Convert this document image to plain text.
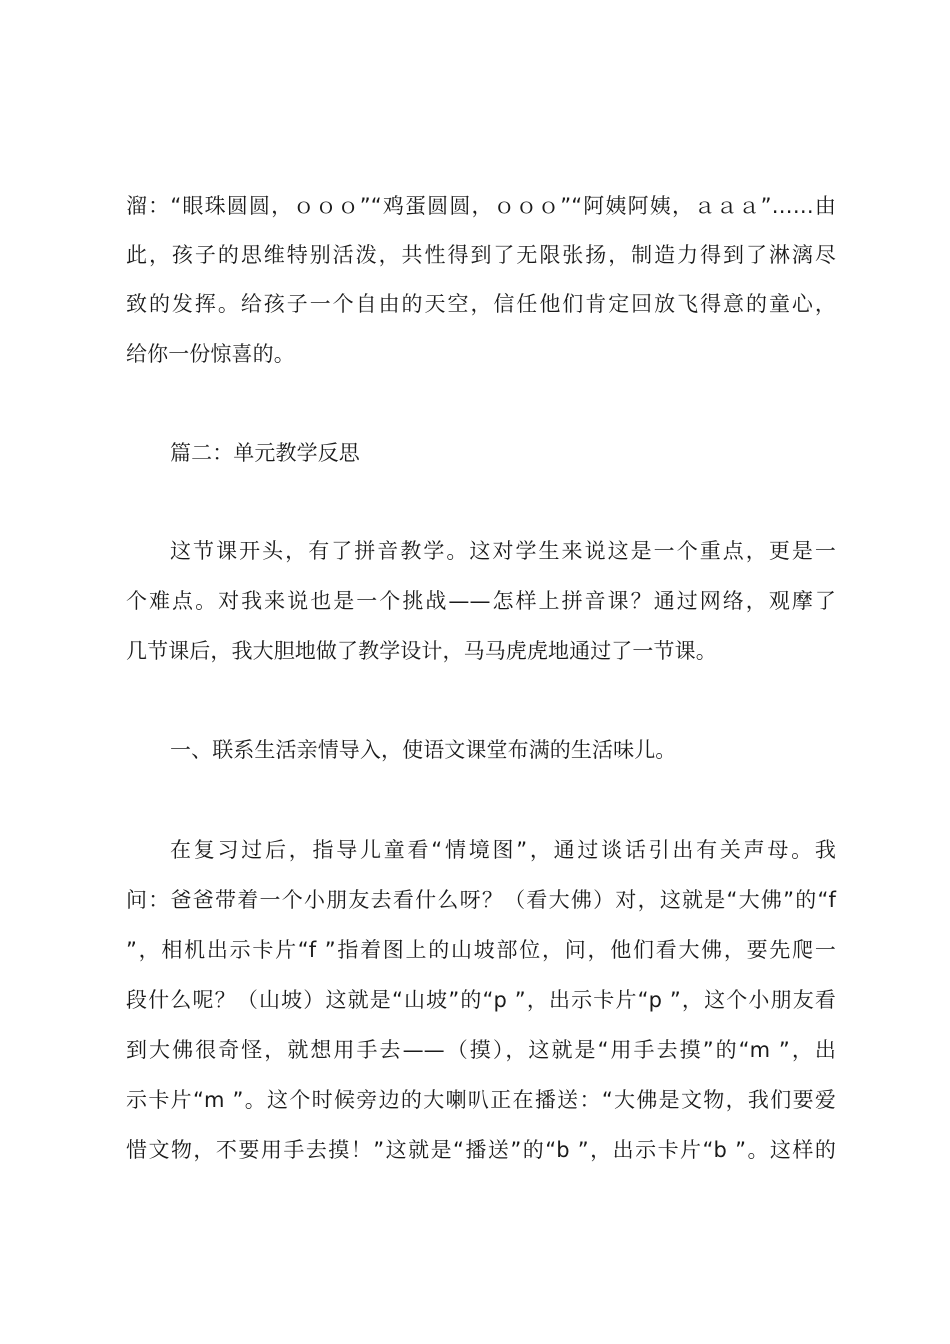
溜：“眼珠圆圆，ｏｏｏ”“鸡蛋圆圆，ｏｏｏ”“阿姨阿姨，ａａａ”……由
此，孩子的思维特别活泼，共性得到了无限张扬，制造力得到了淋漓尽
致的发挥。给孩子一个自由的天空，信任他们肯定回放飞得意的童心，
给你一份惊喜的。
篇二：单元教学反思
这节课开头，有了拼音教学。这对学生来说这是一个重点，更是一
个难点。对我来说也是一个挑战——怎样上拼音课？通过网络，观摩了
几节课后，我大胆地做了教学设计，马马虎虎地通过了一节课。
一、联系生活亲情导入，使语文课堂布满的生活味儿。
在复习过后，指导儿童看“情境图”，通过谈话引出有关声母。我
问：爸爸带着一个小朋友去看什么呀？（看大佛）对，这就是“大佛”的“f
”，相机出示卡片“f ”指着图上的山坡部位，问，他们看大佛，要先爬一
段什么呢？（山坡）这就是“山坡”的“p ”，出示卡片“p ”，这个小朋友看
到大佛很奇怪，就想用手去——（摸），这就是“用手去摸”的“m ”，出
示卡片“m ”。这个时候旁边的大喇叭正在播送：“大佛是文物，我们要爱
惜文物，不要用手去摸！”这就是“播送”的“b ”，出示卡片“b ”。这样的
